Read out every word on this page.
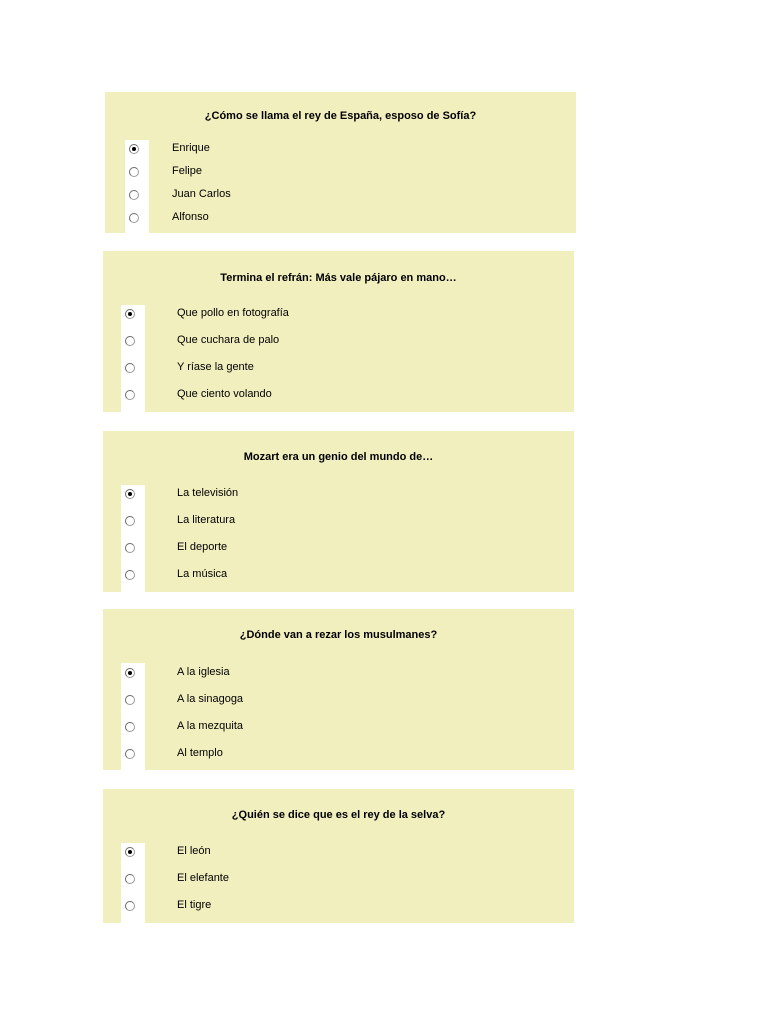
¿Cómo se llama el rey de España, esposo de Sofía?
Enrique
Felipe
Juan Carlos
Alfonso
Termina el refrán: Más vale pájaro en mano…
Que pollo en fotografía
Que cuchara de palo
Y ríase la gente
Que ciento volando
Mozart era un genio del mundo de…
La televisión
La literatura
El deporte
La música
¿Dónde van a rezar los musulmanes?
A la iglesia
A la sinagoga
A la mezquita
Al templo
¿Quién se dice que es el rey de la selva?
El león
El elefante
El tigre
